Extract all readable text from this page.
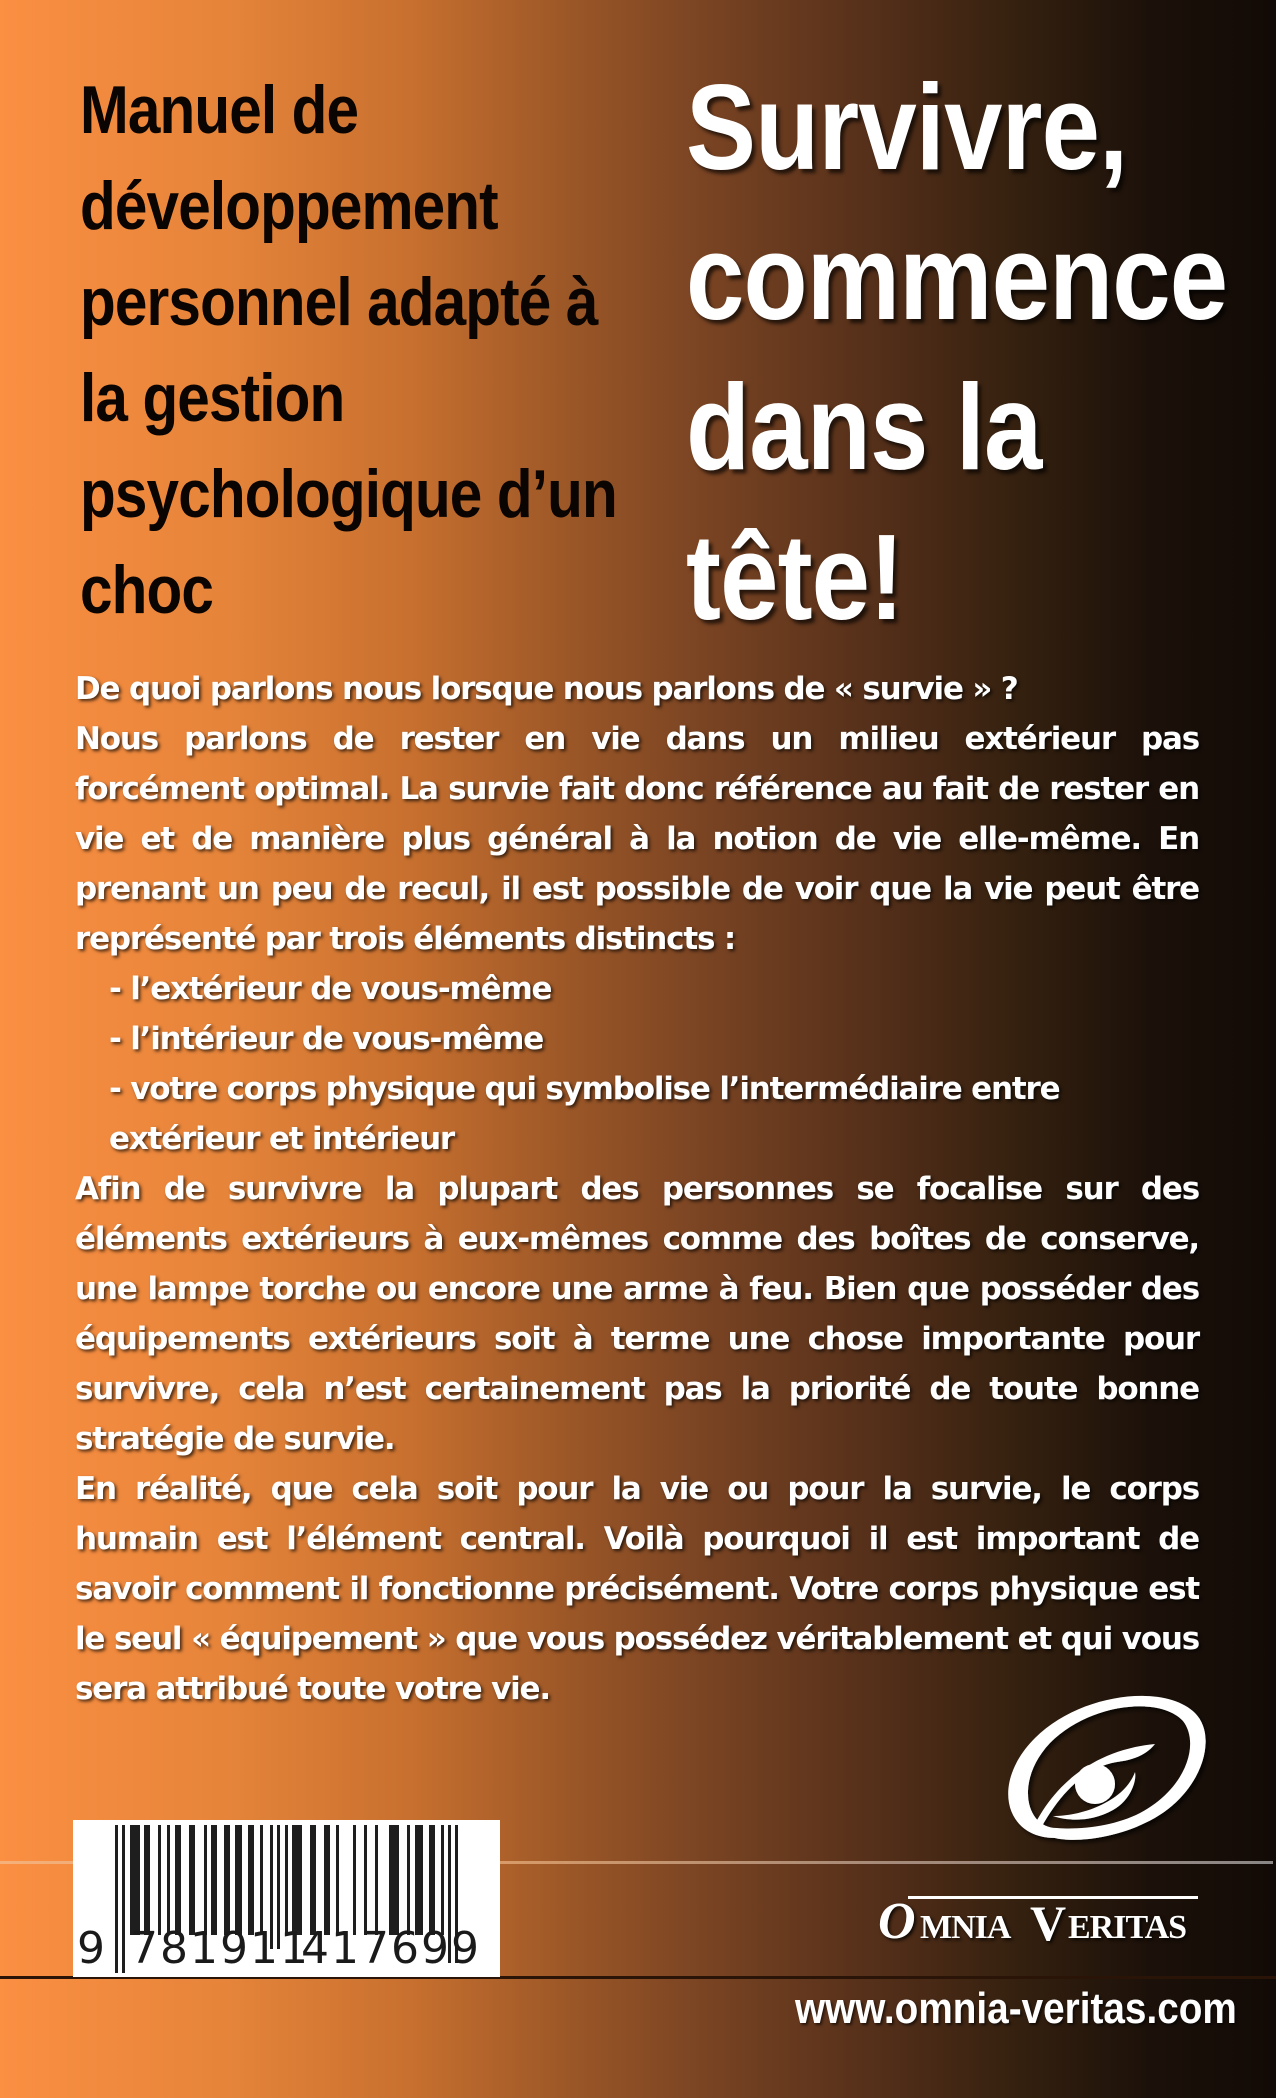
Manuel de
développement
personnel adapté à
la gestion
psychologique d’un
choc
Survivre,
commence
dans la
tête!

De quoi parlons nous lorsque nous parlons de « survie » ?

Nous parlons de rester en vie dans un milieu extérieur pas forcément optimal. La survie fait donc référence au fait de rester en vie et de manière plus général à la notion de vie elle-même. En prenant un peu de recul, il est possible de voir que la vie peut être représenté par trois éléments distincts :

- l’extérieur de vous-même

- l’intérieur de vous-même

- votre corps physique qui symbolise l’intermédiaire entre

extérieur et intérieur

Afin de survivre la plupart des personnes se focalise sur des éléments extérieurs à eux-mêmes comme des boîtes de conserve, une lampe torche ou encore une arme à feu. Bien que posséder des équipements extérieurs soit à terme une chose importante pour survivre, cela n’est certainement pas la priorité de toute bonne stratégie de survie.

En réalité, que cela soit pour la vie ou pour la survie, le corps humain est l’élément central. Voilà pourquoi il est important de savoir comment il fonctionne précisément. Votre corps physique est le seul « équipement » que vous possédez véritablement et qui vous sera attribué toute votre vie.

9 781911
417699	O MNIA V ERITAS
www.omnia-veritas.com
